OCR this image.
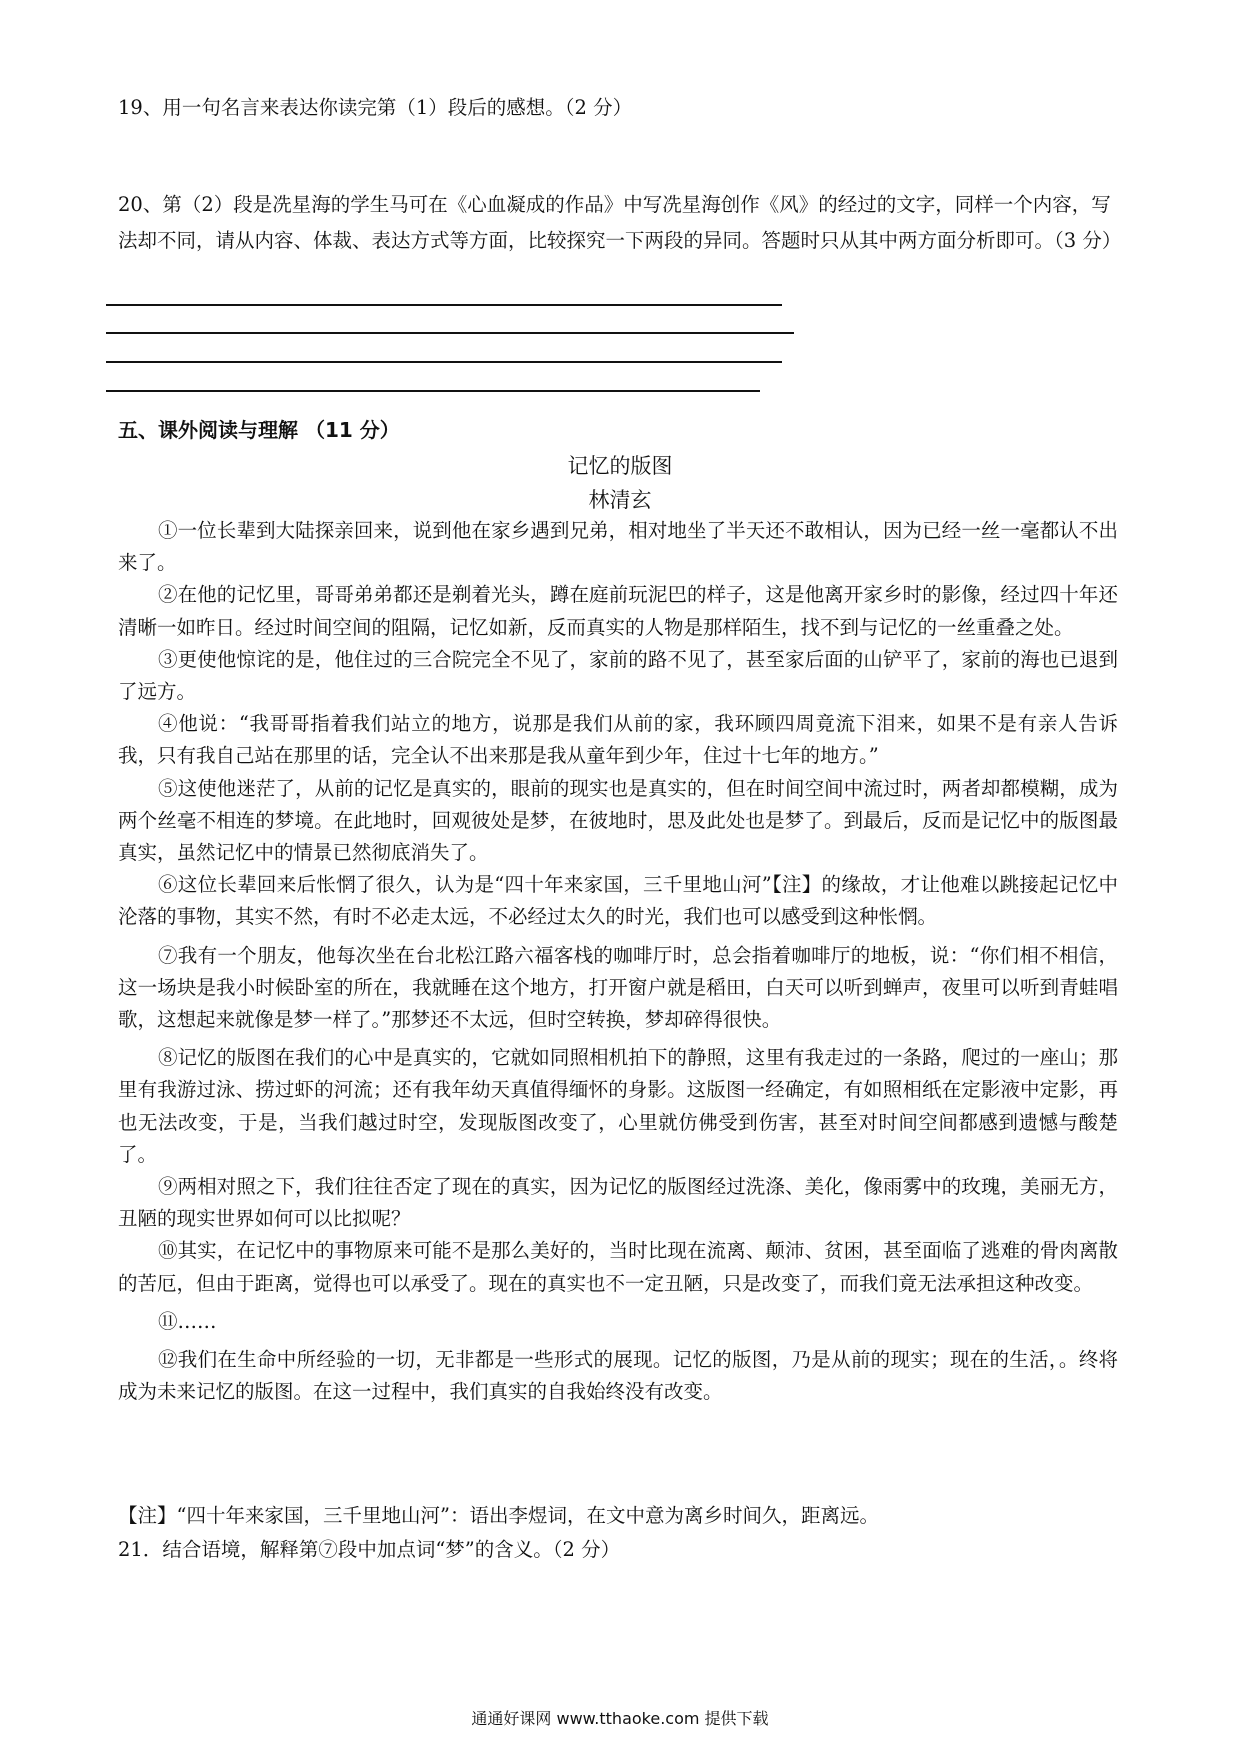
19、用一句名言来表达你读完第（1）段后的感想。（2 分）
20、第（2）段是冼星海的学生马可在《心血凝成的作品》中写冼星海创作《风》的经过的文字，同样一个内容，写法却不同，请从内容、体裁、表达方式等方面，比较探究一下两段的异同。答题时只从其中两方面分析即可。（3 分）
五、课外阅读与理解 （11 分）
记忆的版图
林清玄

①一位长辈到大陆探亲回来，说到他在家乡遇到兄弟，相对地坐了半天还不敢相认，因为已经一丝一毫都认不出来了。

②在他的记忆里，哥哥弟弟都还是剃着光头，蹲在庭前玩泥巴的样子，这是他离开家乡时的影像，经过四十年还清晰一如昨日。经过时间空间的阻隔，记忆如新，反而真实的人物是那样陌生，找不到与记忆的一丝重叠之处。

③更使他惊诧的是，他住过的三合院完全不见了，家前的路不见了，甚至家后面的山铲平了，家前的海也已退到了远方。

④他说：“我哥哥指着我们站立的地方，说那是我们从前的家，我环顾四周竟流下泪来，如果不是有亲人告诉我，只有我自己站在那里的话，完全认不出来那是我从童年到少年，住过十七年的地方。”

⑤这使他迷茫了，从前的记忆是真实的，眼前的现实也是真实的，但在时间空间中流过时，两者却都模糊，成为两个丝毫不相连的梦境。在此地时，回观彼处是梦，在彼地时，思及此处也是梦了。到最后，反而是记忆中的版图最真实，虽然记忆中的情景已然彻底消失了。

⑥这位长辈回来后怅惘了很久，认为是“四十年来家国，三千里地山河”【注】的缘故，才让他难以跳接起记忆中沦落的事物，其实不然，有时不必走太远，不必经过太久的时光，我们也可以感受到这种怅惘。

⑦我有一个朋友，他每次坐在台北松江路六福客栈的咖啡厅时，总会指着咖啡厅的地板，说：“你们相不相信，这一场块是我小时候卧室的所在，我就睡在这个地方，打开窗户就是稻田，白天可以听到蝉声，夜里可以听到青蛙唱歌，这想起来就像是梦一样了。”那梦还不太远，但时空转换，梦却碎得很快。

⑧记忆的版图在我们的心中是真实的，它就如同照相机拍下的静照，这里有我走过的一条路，爬过的一座山；那里有我游过泳、捞过虾的河流；还有我年幼天真值得缅怀的身影。这版图一经确定，有如照相纸在定影液中定影，再也无法改变，于是，当我们越过时空，发现版图改变了，心里就仿佛受到伤害，甚至对时间空间都感到遗憾与酸楚了。

⑨两相对照之下，我们往往否定了现在的真实，因为记忆的版图经过洗涤、美化，像雨雾中的玫瑰，美丽无方，丑陋的现实世界如何可以比拟呢？

⑩其实，在记忆中的事物原来可能不是那么美好的，当时比现在流离、颠沛、贫困，甚至面临了逃难的骨肉离散的苦厄，但由于距离，觉得也可以承受了。现在的真实也不一定丑陋，只是改变了，而我们竟无法承担这种改变。

⑪……

⑫我们在生命中所经验的一切，无非都是一些形式的展现。记忆的版图，乃是从前的现实；现在的生活，。终将成为未来记忆的版图。在这一过程中，我们真实的自我始终没有改变。

【注】“四十年来家国，三千里地山河”：语出李煜词，在文中意为离乡时间久，距离远。
21．结合语境，解释第⑦段中加点词“梦”的含义。（2 分）
通通好课网 www.tthaoke.com 提供下载
